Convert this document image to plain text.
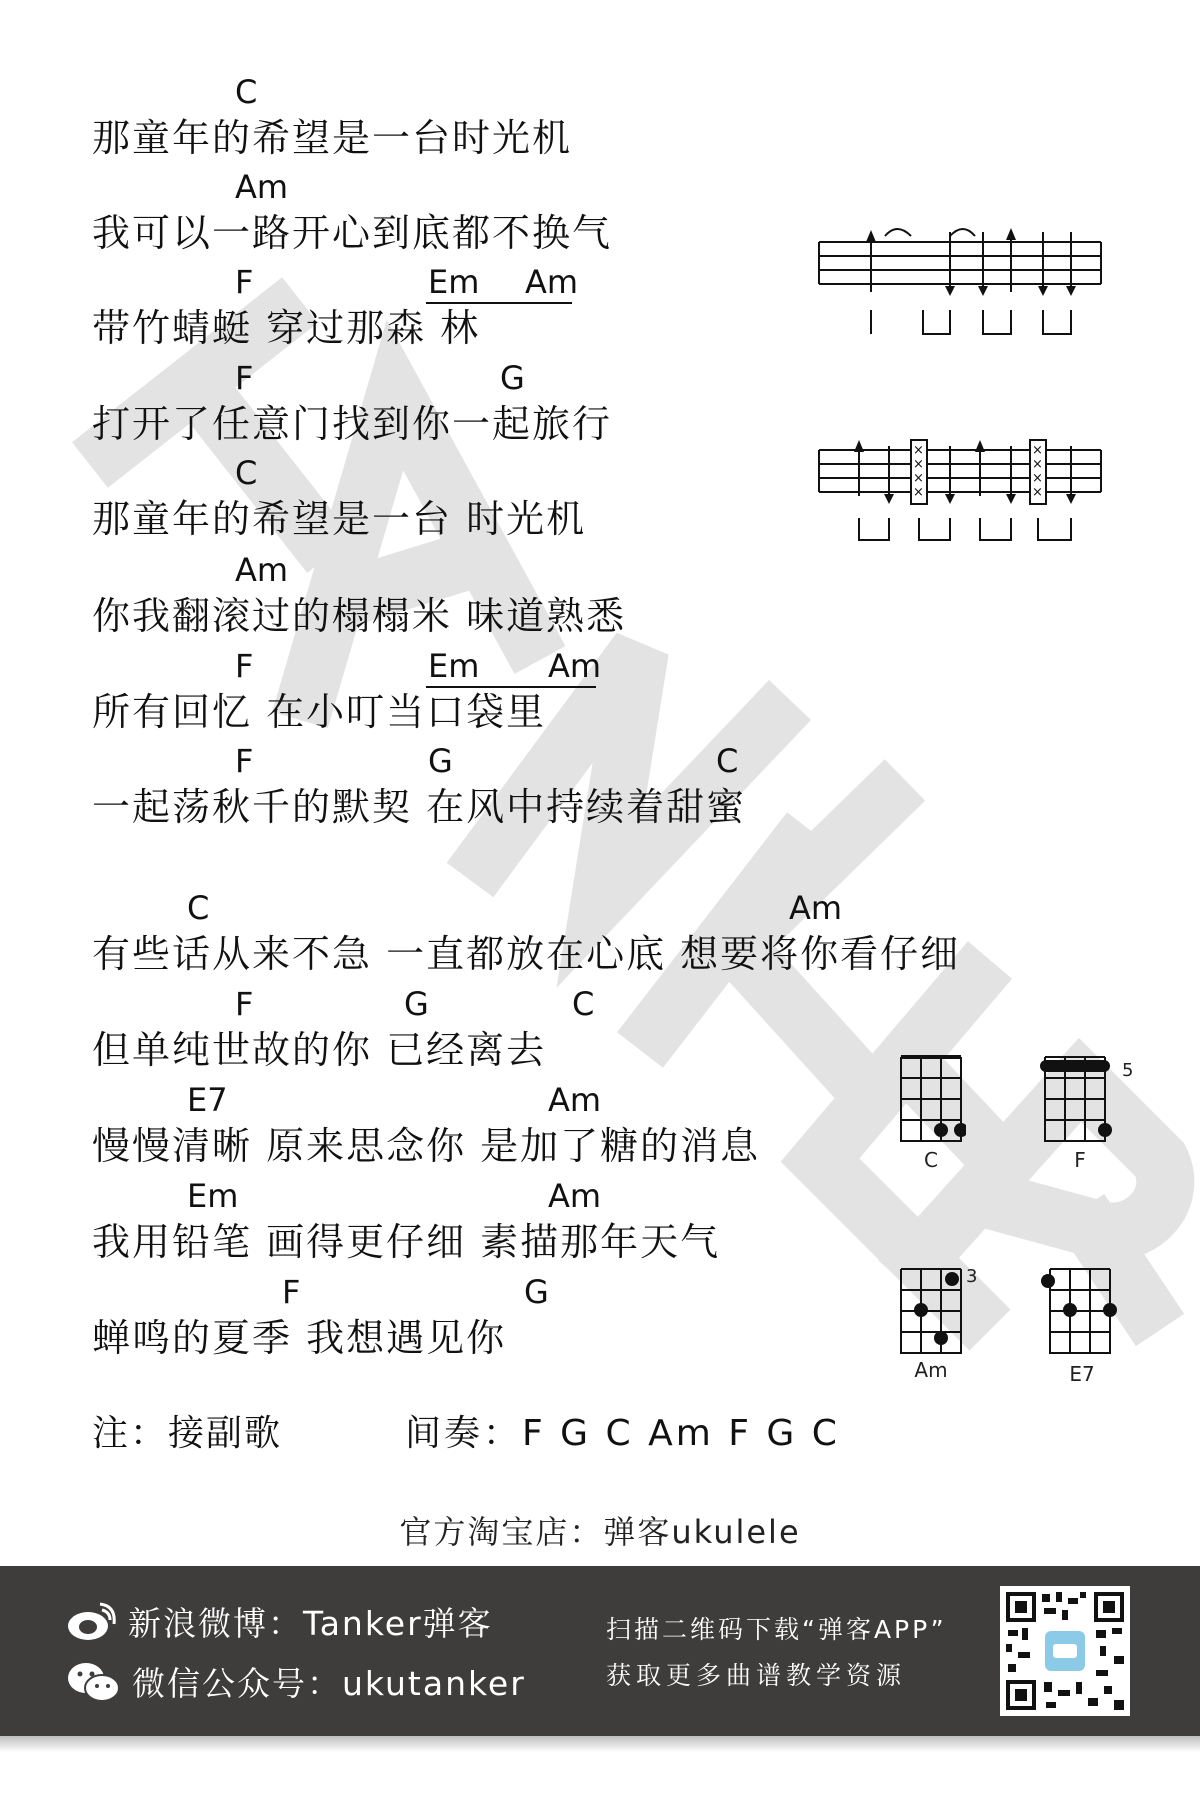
C
那童年的希望是一台时光机
Am
我可以一路开心到底都不换气
F	Em Am
带竹蜻蜓 穿过那森 林
F	G
打开了任意门找到你一起旅行
C
那童年的希望是一台 时光机
Am
你我翻滚过的榻榻米 味道熟悉
F	Em Am
所有回忆 在小叮当口袋里
F	G	C
一起荡秋千的默契 在风中持续着甜蜜
C	Am
有些话从来不急 一直都放在心底 想要将你看仔细
F	G	C
但单纯世故的你 已经离去
E7	Am
慢慢清晰 原来思念你 是加了糖的消息
Em	Am
我用铅笔 画得更仔细 素描那年天气
F	G
蝉鸣的夏季 我想遇见你
注：接副歌	间奏：F G C Am F G C
×
×
×
×
×
×
×
×
C
5
F
3
Am	E7
官方淘宝店：弹客ukulele
新浪微博：Tanker弹客
微信公众号：ukutanker
扫描二维码下载“弹客APP”
获取更多曲谱教学资源
